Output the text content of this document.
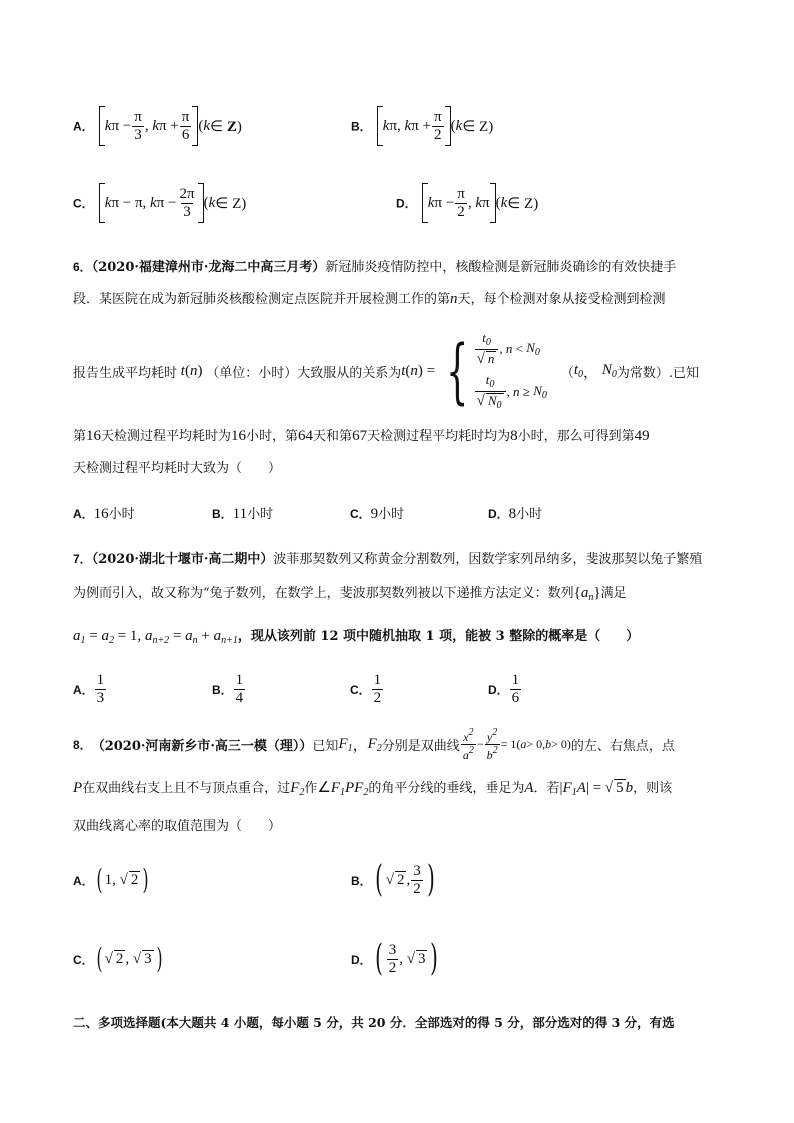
A． k $\pi - \frac{\pi}{3}$ , k $\pi + \frac{\pi}{6}$ ( k ∈ Z)	B． k π, k $\pi + \frac{\pi}{2}$ ( k ∈ Z)
C． k π − π, k $\pi - \frac{2\pi}{3}$ ( k ∈ Z)	D． k $\pi - \frac{\pi}{2}$ , k π ( k ∈ Z)
6．（2020·福建漳州市·龙海二中高三月考）新冠肺炎疫情防控中，核酸检测是新冠肺炎确诊的有效快捷手
段．某医院在成为新冠肺炎核酸检测定点医院并开展检测工作的第n天，每个检测对象从接受检测到检测
报告生成平均耗时 t ( n ) （单位：小时）大致服从的关系为 t ( n ) = { $\frac{t_0}{√ n}$ , $n < N_0$
$\frac{t_0}{√ N_0}$ , $n \ge N_0$
（ $t_0$ ， $N_0$ 为常数）.已知
第16天检测过程平均耗时为16小时，第64天和第67天检测过程平均耗时均为8小时，那么可得到第49
天检测过程平均耗时大致为（　　）
A．16小时	B．11小时	C．9小时	D．8小时
7．（2020·湖北十堰市·高二期中）波菲那契数列又称黄金分割数列，因数学家列昂纳多，斐波那契以兔子繁殖
为例而引入，故又称为“兔子数列，在数学上，斐波那契数列被以下递推方法定义：数列$\{a_n\}$满足
$a_1 = a_2 = 1$, $a_{n+2} = a_n + a_{n+1}$，现从该列前 12 项中随机抽取 1 项，能被 3 整除的概率是（　　）
A． $\frac{1}{3}$	B． $\frac{1}{4}$	C． $\frac{1}{2}$	D． $\frac{1}{6}$
8． （2020·河南新乡市·高三一模（理）） 已知 $F_1$ ， $F_2$ 分别是双曲线 $\frac{x^2}{a^2} - \frac{y^2}{b^2} = 1$( a > 0, b > 0) 的左、右焦点，点
P在双曲线右支上且不与顶点重合，过$F_2$作$\angle F_1PF_2$的角平分线的垂线，垂足为A．若$|F_1A|$ = √ 5 b，则该
双曲线离心率的取值范围为（　　）
A． ( 1, √ 2 )	B． ( √ 2 , $\frac{3}{2}$ )
C． ( √ 2 , √ 3 )	D． ( $\frac{3}{2}$ , √ 3 )
二、多项选择题(本大题共 4 小题，每小题 5 分，共 20 分．全部选对的得 5 分，部分选对的得 3 分，有选
